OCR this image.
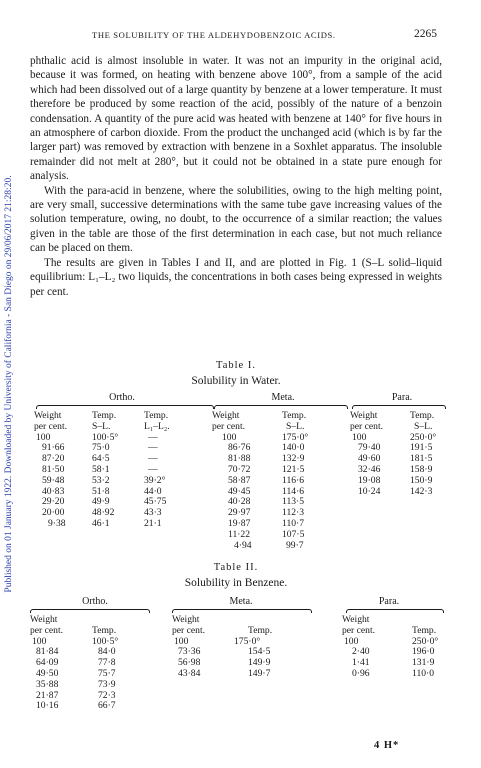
Published on 01 January 1922. Downloaded by University of California - San Diego on 29/06/2017 21:28:20.
THE SOLUBILITY OF THE ALDEHYDOBENZOIC ACIDS.	2265

phthalic acid is almost insoluble in water. It was not an impurity in the original acid, because it was formed, on heating with benzene above 100°, from a sample of the acid which had been dissolved out of a large quantity by benzene at a lower temperature. It must therefore be produced by some reaction of the acid, possibly of the nature of a benzoin condensation. A quantity of the pure acid was heated with benzene at 140° for five hours in an atmosphere of carbon dioxide. From the product the unchanged acid (which is by far the larger part) was removed by extraction with benzene in a Soxhlet apparatus. The insoluble remainder did not melt at 280°, but it could not be obtained in a state pure enough for analysis.

With the para-acid in benzene, where the solubilities, owing to the high melting point, are very small, successive determinations with the same tube gave increasing values of the solution temperature, owing, no doubt, to the occurrence of a similar reaction; the values given in the table are those of the first determination in each case, but not much reliance can be placed on them.

The results are given in Tables I and II, and are plotted in Fig. 1 (S–L solid–liquid equilibrium: L₁–L₂ two liquids, the concentrations in both cases being expressed in weights per cent.

Table I.
Solubility in Water.
Ortho.
Weight
per cent.
100
91·66
87·20
81·50
59·48
40·83
29·20
20·00
9·38
Temp.
S–L.
100·5°
75·0
64·5
58·1
53·2
51·8
49·9
48·92
46·1
Temp.
L₁–L₂.
—
—
—
—
39·2°
44·0
45·75
43·3
21·1
Meta.
Weight
per cent.
100
86·76
81·88
70·72
58·87
49·45
40·28
29·97
19·87
11·22
4·94
Temp.
S–L.
175·0°
140·0
132·9
121·5
116·6
114·6
113·5
112·3
110·7
107·5
99·7
Para.
Weight
per cent.
100
79·40
49·60
32·46
19·08
10·24
Temp.
S–L.
250·0°
191·5
181·5
158·9
150·9
142·3
Table II.
Solubility in Benzene.
Ortho.
Weight
per cent.
100
81·84
64·09
49·50
35·88
21·87
10·16
Temp.
100·5°
84·0
77·8
75·7
73·9
72·3
66·7
Meta.
Weight
per cent.
100
73·36
56·98
43·84
Temp.
175·0°
154·5
149·9
149·7
Para.
Weight
per cent.
100
2·40
1·41
0·96
Temp.
250·0°
196·0
131·9
110·0
4 H*
